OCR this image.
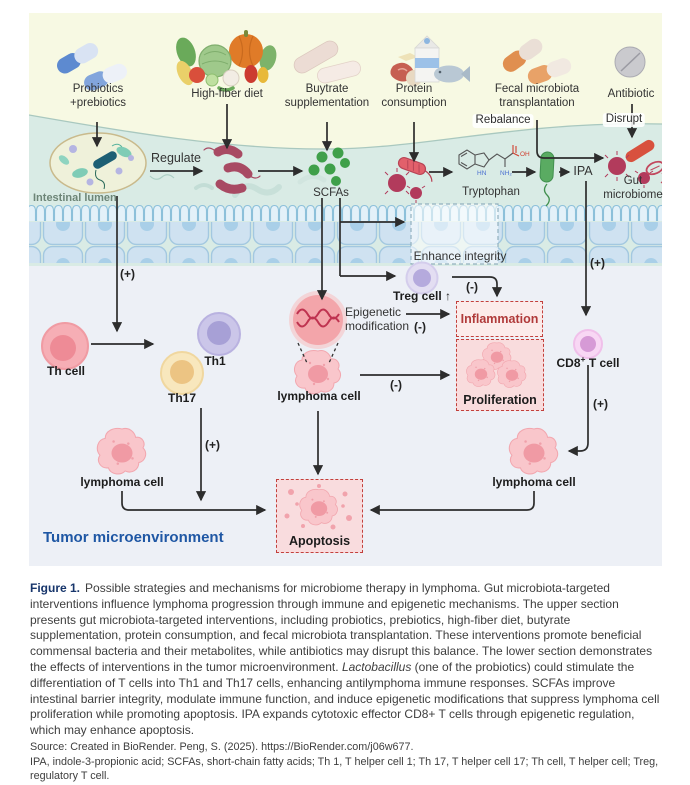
HN NH₂
OH
Inflammation
Proliferation
Apoptosis
Probiotics
+prebiotics
High-fiber diet	Buytrate
supplementation
Protein
consumption
Fecal microbiota
transplantation
Antibiotic
Rebalance	Disrupt
Regulate
Intestinal lumen	SCFAs	Tryptophan
IPA
Gut
microbiome
Enhance integrity
Treg cell ↑
Epigenetic
modification
CD8+ T cell
Th cell
Th1
Th17	lymphoma cell
lymphoma cell	lymphoma cell
Tumor microenvironment
(+)
(+)
(+)
(+)
(-)
(-)
(-)

Figure 1. Possible strategies and mechanisms for microbiome therapy in lymphoma. Gut microbiota-targeted interventions influence lymphoma progression through immune and epigenetic mechanisms. The upper section presents gut microbiota-targeted interventions, including probiotics, prebiotics, high-fiber diet, butyrate supplementation, protein consumption, and fecal microbiota transplantation. These interventions promote beneficial commensal bacteria and their metabolites, while antibiotics may disrupt this balance. The lower section demonstrates the effects of interventions in the tumor microenvironment. Lactobacillus (one of the probiotics) could stimulate the differentiation of T cells into Th1 and Th17 cells, enhancing antilymphoma immune responses. SCFAs improve intestinal barrier integrity, modulate immune function, and induce epigenetic modifications that suppress lymphoma cell proliferation while promoting apoptosis. IPA expands cytotoxic effector CD8+ T cells through epigenetic regulation, which may enhance apoptosis.

Source: Created in BioRender. Peng, S. (2025). https://BioRender.com/j06w677.

IPA, indole-3-propionic acid; SCFAs, short-chain fatty acids; Th 1, T helper cell 1; Th 17, T helper cell 17; Th cell, T helper cell; Treg, regulatory T cell.
